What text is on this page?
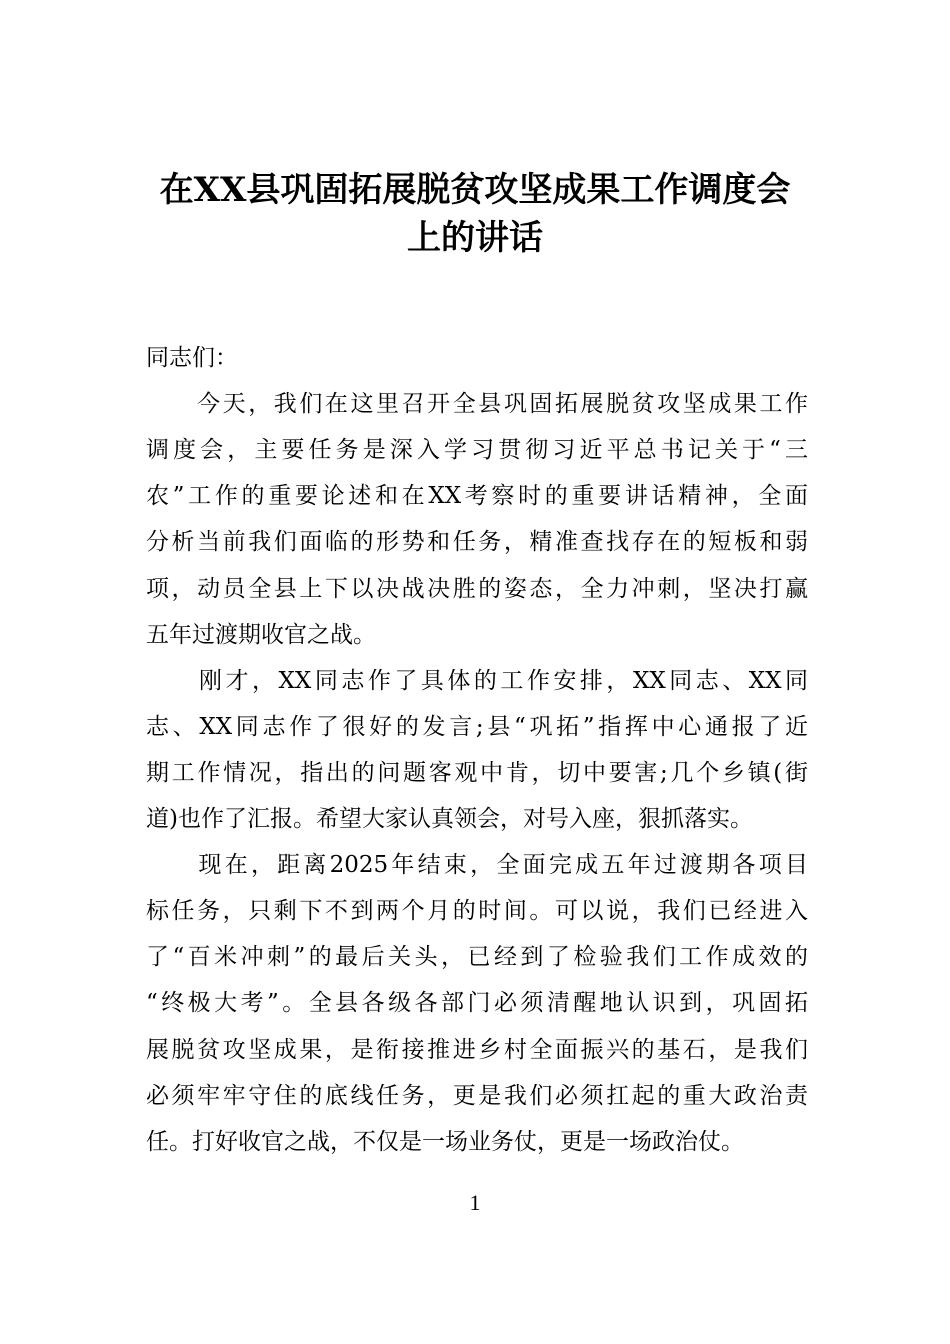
在XX县巩固拓展脱贫攻坚成果工作调度会
上的讲话
同志们：
　　今天，我们在这里召开全县巩固拓展脱贫攻坚成果工作
调度会，主要任务是深入学习贯彻习近平总书记关于“三
农”工作的重要论述和在XX考察时的重要讲话精神，全面
分析当前我们面临的形势和任务，精准查找存在的短板和弱
项，动员全县上下以决战决胜的姿态，全力冲刺，坚决打赢
五年过渡期收官之战。
　　刚才，XX同志作了具体的工作安排，XX同志、XX同
志、XX同志作了很好的发言;县“巩拓”指挥中心通报了近
期工作情况，指出的问题客观中肯，切中要害;几个乡镇(街
道)也作了汇报。希望大家认真领会，对号入座，狠抓落实。
　　现在，距离2025年结束，全面完成五年过渡期各项目
标任务，只剩下不到两个月的时间。可以说，我们已经进入
了“百米冲刺”的最后关头，已经到了检验我们工作成效的
“终极大考”。全县各级各部门必须清醒地认识到，巩固拓
展脱贫攻坚成果，是衔接推进乡村全面振兴的基石，是我们
必须牢牢守住的底线任务，更是我们必须扛起的重大政治责
任。打好收官之战，不仅是一场业务仗，更是一场政治仗。
1
